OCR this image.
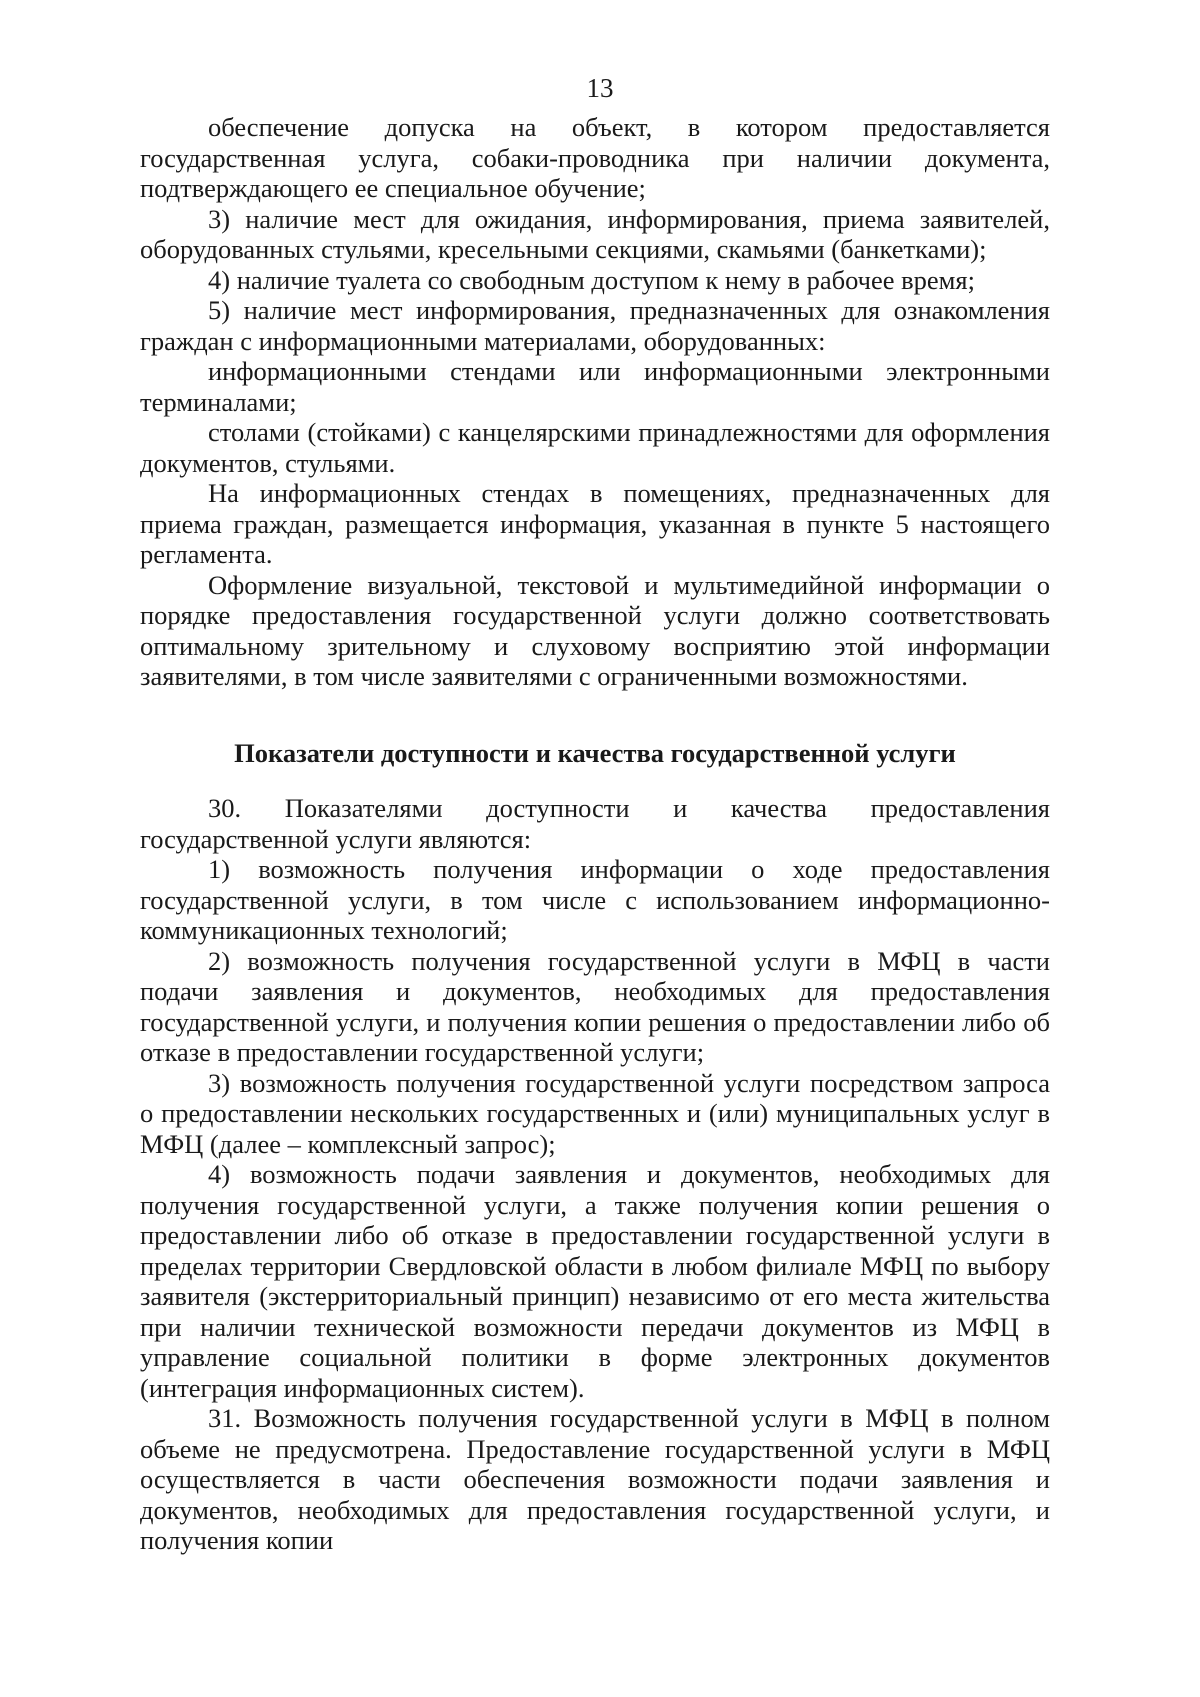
13

обеспечение допуска на объект, в котором предоставляется государственная услуга, собаки-проводника при наличии документа, подтверждающего ее специальное обучение;

3) наличие мест для ожидания, информирования, приема заявителей, оборудованных стульями, кресельными секциями, скамьями (банкетками);

4) наличие туалета со свободным доступом к нему в рабочее время;

5) наличие мест информирования, предназначенных для ознакомления граждан с информационными материалами, оборудованных:

информационными стендами или информационными электронными терминалами;

столами (стойками) с канцелярскими принадлежностями для оформления документов, стульями.

На информационных стендах в помещениях, предназначенных для приема граждан, размещается информация, указанная в пункте 5 настоящего регламента.

Оформление визуальной, текстовой и мультимедийной информации о порядке предоставления государственной услуги должно соответствовать оптимальному зрительному и слуховому восприятию этой информации заявителями, в том числе заявителями с ограниченными возможностями.

Показатели доступности и качества государственной услуги

30. Показателями доступности и качества предоставления государственной услуги являются:

1) возможность получения информации о ходе предоставления государственной услуги, в том числе с использованием информационно-коммуникационных технологий;

2) возможность получения государственной услуги в МФЦ в части подачи заявления и документов, необходимых для предоставления государственной услуги, и получения копии решения о предоставлении либо об отказе в предоставлении государственной услуги;

3) возможность получения государственной услуги посредством запроса о предоставлении нескольких государственных и (или) муниципальных услуг в МФЦ (далее – комплексный запрос);

4) возможность подачи заявления и документов, необходимых для получения государственной услуги, а также получения копии решения о предоставлении либо об отказе в предоставлении государственной услуги в пределах территории Свердловской области в любом филиале МФЦ по выбору заявителя (экстерриториальный принцип) независимо от его места жительства при наличии технической возможности передачи документов из МФЦ в управление социальной политики в форме электронных документов (интеграция информационных систем).

31. Возможность получения государственной услуги в МФЦ в полном объеме не предусмотрена. Предоставление государственной услуги в МФЦ осуществляется в части обеспечения возможности подачи заявления и документов, необходимых для предоставления государственной услуги, и получения копии
